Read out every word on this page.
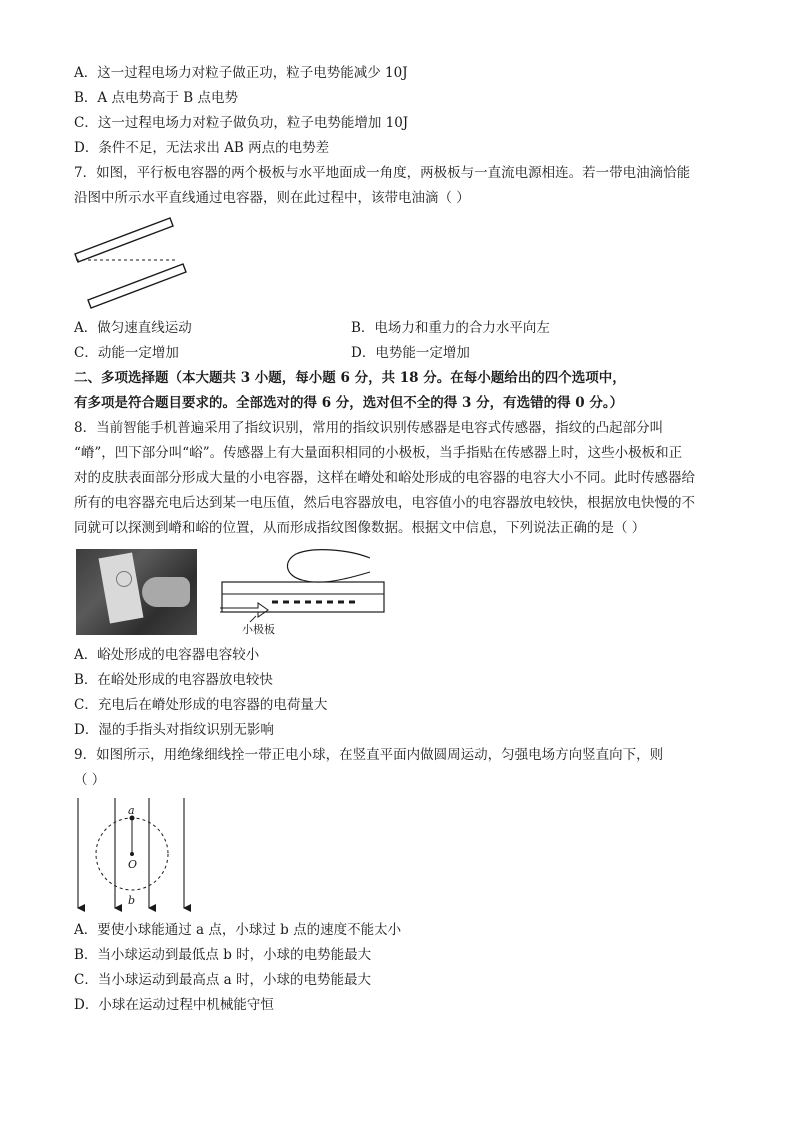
A．这一过程电场力对粒子做正功，粒子电势能减少 10J
B．A 点电势高于 B 点电势
C．这一过程电场力对粒子做负功，粒子电势能增加 10J
D．条件不足，无法求出 AB 两点的电势差
7．如图，平行板电容器的两个极板与水平地面成一角度，两极板与一直流电源相连。若一带电油滴恰能
沿图中所示水平直线通过电容器，则在此过程中，该带电油滴（ ）
A．做匀速直线运动	B．电场力和重力的合力水平向左
C．动能一定增加	D．电势能一定增加
二、多项选择题（本大题共 3 小题，每小题 6 分，共 18 分。在每小题给出的四个选项中，
有多项是符合题目要求的。全部选对的得 6 分，选对但不全的得 3 分，有选错的得 0 分。）
8．当前智能手机普遍采用了指纹识别，常用的指纹识别传感器是电容式传感器，指纹的凸起部分叫
“嵴”，凹下部分叫“峪”。传感器上有大量面积相同的小极板，当手指贴在传感器上时，这些小极板和正
对的皮肤表面部分形成大量的小电容器，这样在嵴处和峪处形成的电容器的电容大小不同。此时传感器给
所有的电容器充电后达到某一电压值，然后电容器放电，电容值小的电容器放电较快，根据放电快慢的不
同就可以探测到嵴和峪的位置，从而形成指纹图像数据。根据文中信息，下列说法正确的是（ ）
小极板
A．峪处形成的电容器电容较小
B．在峪处形成的电容器放电较快
C．充电后在嵴处形成的电容器的电荷量大
D．湿的手指头对指纹识别无影响
9．如图所示，用绝缘细线拴一带正电小球，在竖直平面内做圆周运动，匀强电场方向竖直向下，则
（ ）
a
O
b
A．要使小球能通过 a 点，小球过 b 点的速度不能太小
B．当小球运动到最低点 b 时，小球的电势能最大
C．当小球运动到最高点 a 时，小球的电势能最大
D．小球在运动过程中机械能守恒
